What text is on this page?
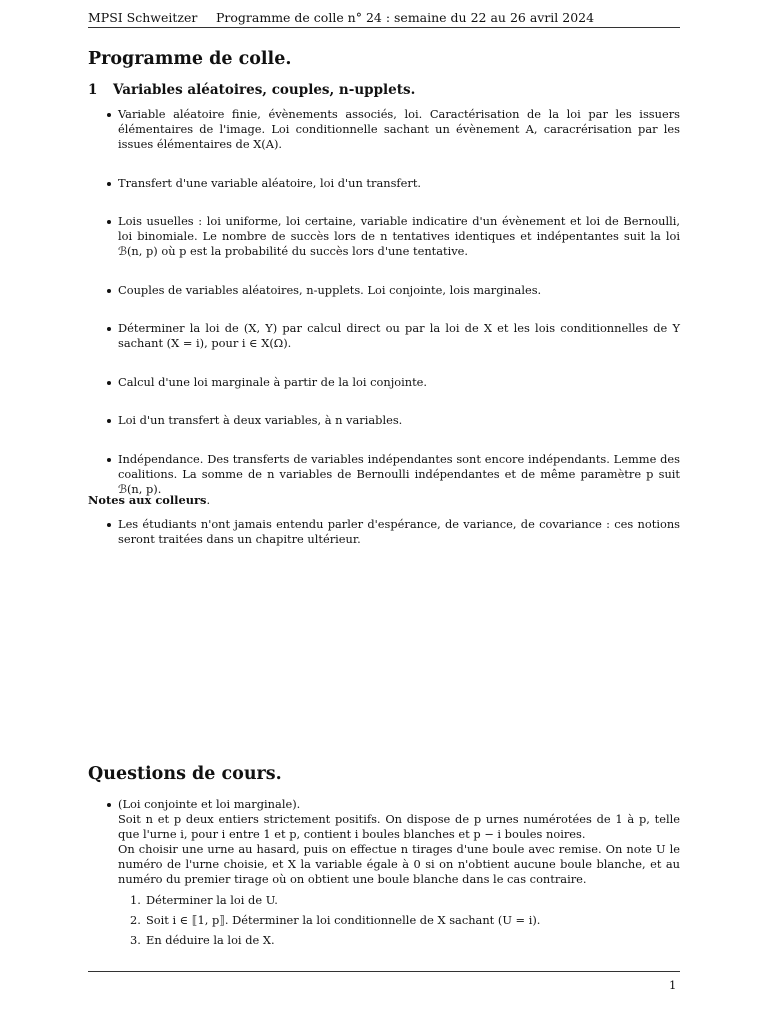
MPSI Schweitzer Programme de colle n° 24 : semaine du 22 au 26 avril 2024
Programme de colle.
1 Variables aléatoires, couples, n-upplets.
Variable aléatoire finie, évènements associés, loi. Caractérisation de la loi par les issuers élémentaires de l'image. Loi conditionnelle sachant un évènement A, caracrérisation par les issues élémentaires de X(A).
Transfert d'une variable aléatoire, loi d'un transfert.
Lois usuelles : loi uniforme, loi certaine, variable indicatire d'un évènement et loi de Bernoulli, loi binomiale. Le nombre de succès lors de n tentatives identiques et indépentantes suit la loi ℬ(n, p) où p est la probabilité du succès lors d'une tentative.
Couples de variables aléatoires, n-upplets. Loi conjointe, lois marginales.
Déterminer la loi de (X, Y) par calcul direct ou par la loi de X et les lois conditionnelles de Y sachant (X = i), pour i ∈ X(Ω).
Calcul d'une loi marginale à partir de la loi conjointe.
Loi d'un transfert à deux variables, à n variables.
Indépendance. Des transferts de variables indépendantes sont encore indépendants. Lemme des coalitions. La somme de n variables de Bernoulli indépendantes et de même paramètre p suit ℬ(n, p).
Notes aux colleurs.
Les étudiants n'ont jamais entendu parler d'espérance, de variance, de covariance : ces notions seront traitées dans un chapitre ultérieur.
Questions de cours.

(Loi conjointe et loi marginale).

Soit n et p deux entiers strictement positifs. On dispose de p urnes numérotées de 1 à p, telle que l'urne i, pour i entre 1 et p, contient i boules blanches et p − i boules noires.

On choisir une urne au hasard, puis on effectue n tirages d'une boule avec remise. On note U le numéro de l'urne choisie, et X la variable égale à 0 si on n'obtient aucune boule blanche, et au numéro du premier tirage où on obtient une boule blanche dans le cas contraire.

1. Déterminer la loi de U.
2. Soit i ∈ ⟦1, p⟧. Déterminer la loi conditionnelle de X sachant (U = i).
3. En déduire la loi de X.
1
